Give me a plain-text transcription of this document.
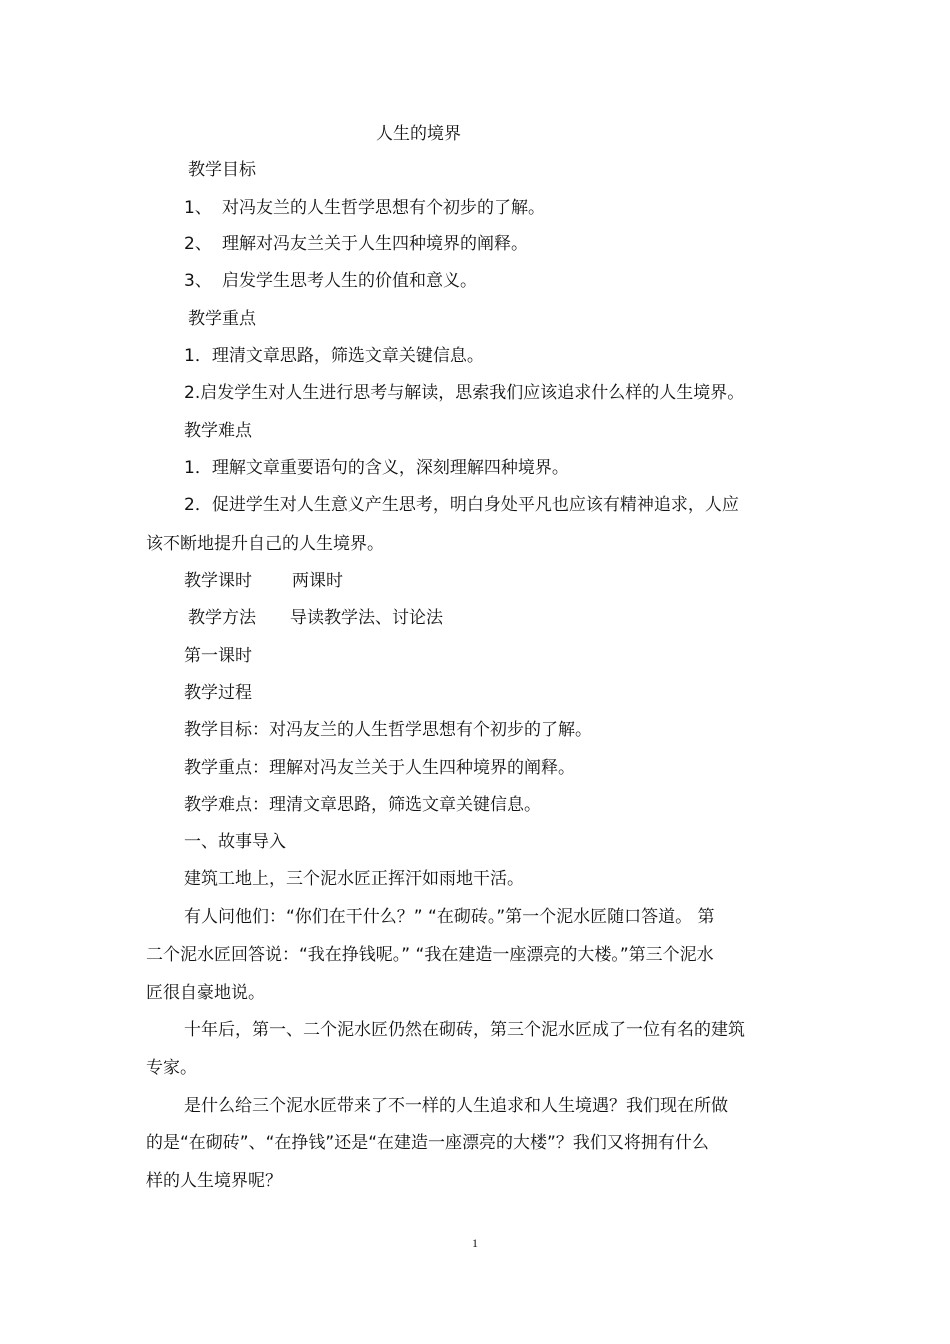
人生的境界
教学目标
1、 对冯友兰的人生哲学思想有个初步的了解。
2、 理解对冯友兰关于人生四种境界的阐释。
3、 启发学生思考人生的价值和意义。
教学重点
1．理清文章思路，筛选文章关键信息。
2.启发学生对人生进行思考与解读，思索我们应该追求什么样的人生境界。
教学难点
1．理解文章重要语句的含义，深刻理解四种境界。
2．促进学生对人生意义产生思考，明白身处平凡也应该有精神追求，人应
该不断地提升自己的人生境界。
教学课时 两课时
教学方法 导读教学法、讨论法
第一课时
教学过程
教学目标：对冯友兰的人生哲学思想有个初步的了解。
教学重点：理解对冯友兰关于人生四种境界的阐释。
教学难点：理清文章思路，筛选文章关键信息。
一、故事导入
建筑工地上，三个泥水匠正挥汗如雨地干活。
有人问他们：“你们在干什么？” “在砌砖。”第一个泥水匠随口答道。 第
二个泥水匠回答说：“我在挣钱呢。” “我在建造一座漂亮的大楼。”第三个泥水
匠很自豪地说。
十年后，第一、二个泥水匠仍然在砌砖，第三个泥水匠成了一位有名的建筑
专家。
是什么给三个泥水匠带来了不一样的人生追求和人生境遇？我们现在所做
的是“在砌砖”、“在挣钱”还是“在建造一座漂亮的大楼”？我们又将拥有什么
样的人生境界呢？
1
